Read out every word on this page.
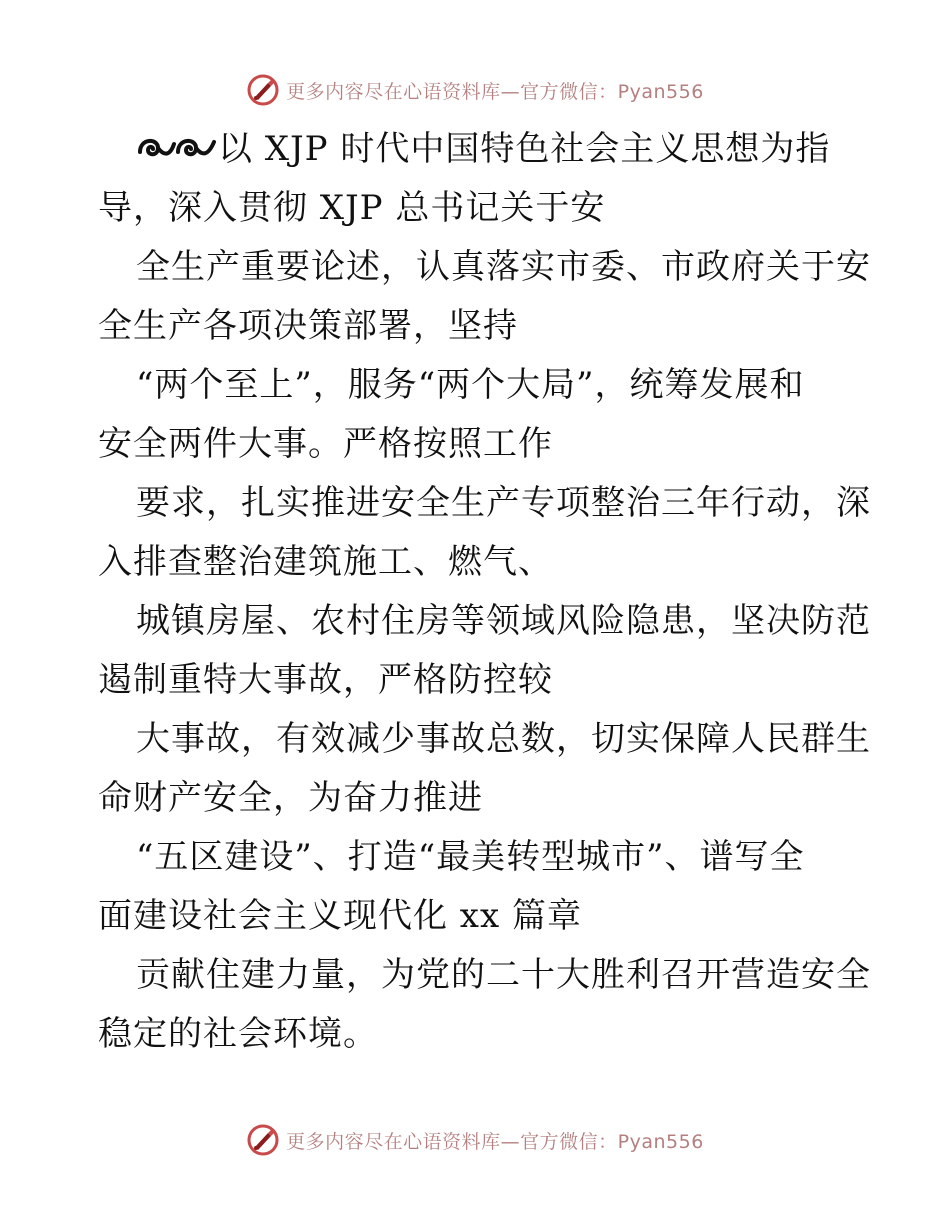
更多内容尽在心语资料库—官方微信：Pyan556

以 XJP 时代中国特色社会主义思想为指
导，深入贯彻 XJP 总书记关于安
全生产重要论述，认真落实市委、市政府关于安
全生产各项决策部署，坚持
“两个至上”，服务“两个大局”，统筹发展和
安全两件大事。严格按照工作
要求，扎实推进安全生产专项整治三年行动，深
入排查整治建筑施工、燃气、
城镇房屋、农村住房等领域风险隐患，坚决防范
遏制重特大事故，严格防控较
大事故，有效减少事故总数，切实保障人民群生
命财产安全，为奋力推进
“五区建设”、打造“最美转型城市”、谱写全
面建设社会主义现代化 xx 篇章
贡献住建力量，为党的二十大胜利召开营造安全
稳定的社会环境。

更多内容尽在心语资料库—官方微信：Pyan556
